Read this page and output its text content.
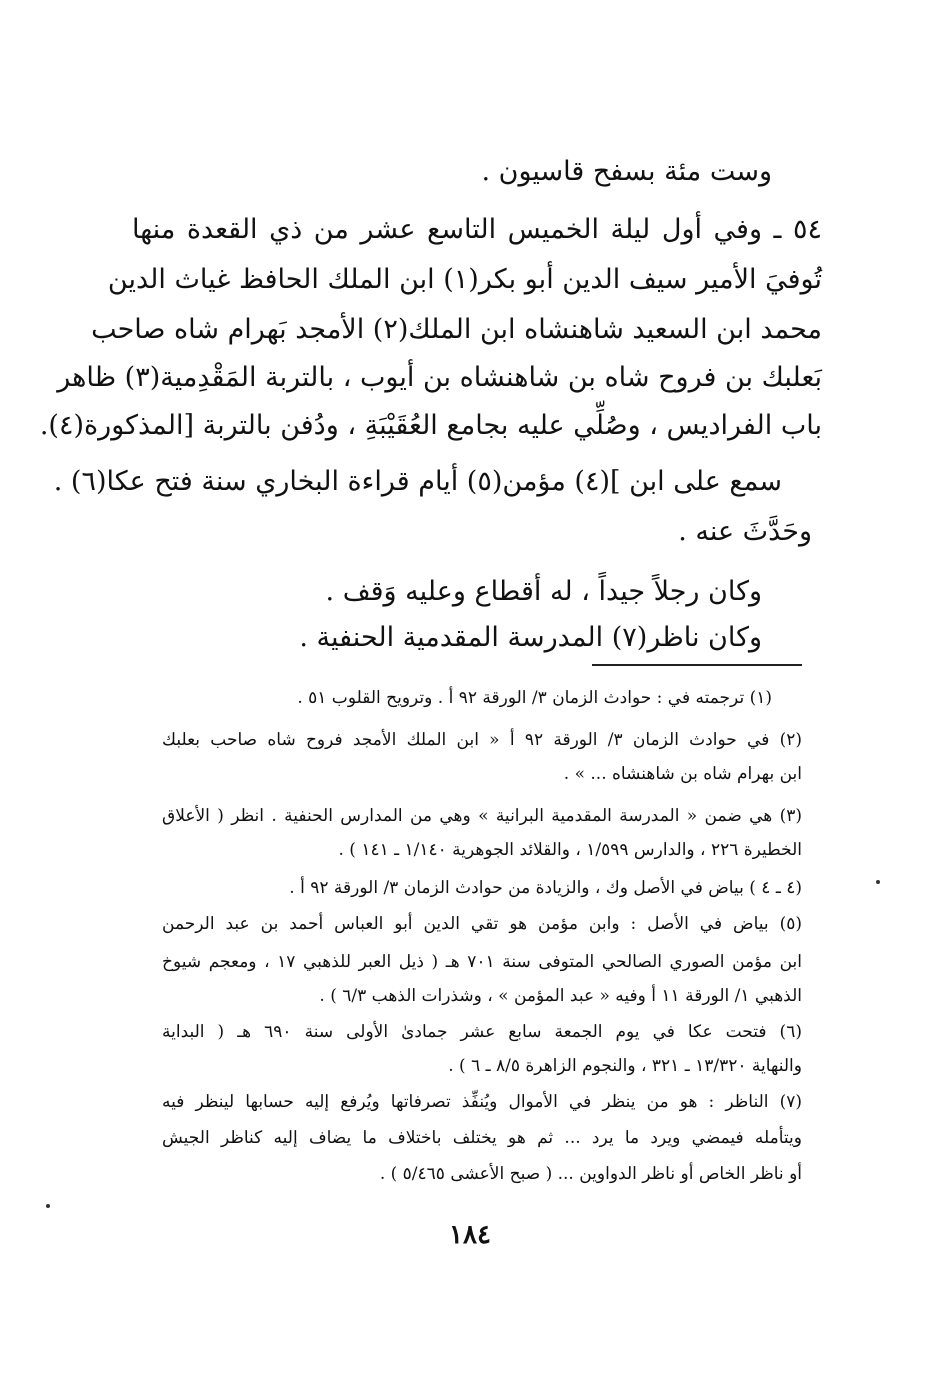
وست مئة بسفح قاسيون .
٥٤ ـ وفي أول ليلة الخميس التاسع عشر من ذي القعدة منها
تُوفيَ الأمير سيف الدين أبو بكر(١) ابن الملك الحافظ غياث الدين
محمد ابن السعيد شاهنشاه ابن الملك(٢) الأمجد بَهرام شاه صاحب
بَعلبك بن فروح شاه بن شاهنشاه بن أيوب ، بالتربة المَقْدِمية(٣) ظاهر
باب الفراديس ، وصُلِّي عليه بجامع العُقَيْبَةِ ، ودُفن بالتربة [المذكورة(٤).
سمع على ابن ](٤) مؤمن(٥) أيام قراءة البخاري سنة فتح عكا(٦) .
وحَدَّثَ عنه .
وكان رجلاً جيداً ، له أقطاع وعليه وَقف .
وكان ناظر(٧) المدرسة المقدمية الحنفية .
(١) ترجمته في : حوادث الزمان ٣/ الورقة ٩٢ أ . وترويح القلوب ٥١ .
(٢) في حوادث الزمان ٣/ الورقة ٩٢ أ « ابن الملك الأمجد فروح شاه صاحب بعلبك
ابن بهرام شاه بن شاهنشاه ... » .
(٣) هي ضمن « المدرسة المقدمية البرانية » وهي من المدارس الحنفية . انظر ( الأعلاق
الخطيرة ٢٢٦ ، والدارس ١/٥٩٩ ، والقلائد الجوهرية ١/١٤٠ ـ ١٤١ ) .
(٤ ـ ٤ ) بياض في الأصل وك ، والزيادة من حوادث الزمان ٣/ الورقة ٩٢ أ .
(٥) بياض في الأصل : وابن مؤمن هو تقي الدين أبو العباس أحمد بن عبد الرحمن
ابن مؤمن الصوري الصالحي المتوفى سنة ٧٠١ هـ ( ذيل العبر للذهبي ١٧ ، ومعجم شيوخ
الذهبي ١/ الورقة ١١ أ وفيه « عبد المؤمن » ، وشذرات الذهب ٦/٣ ) .
(٦) فتحت عكا في يوم الجمعة سابع عشر جمادىٰ الأولى سنة ٦٩٠ هـ ( البداية
والنهاية ١٣/٣٢٠ ـ ٣٢١ ، والنجوم الزاهرة ٨/٥ ـ ٦ ) .
(٧) الناظر : هو من ينظر في الأموال ويُنفِّذ تصرفاتها ويُرفع إليه حسابها لينظر فيه
ويتأمله فيمضي ويرد ما يرد ... ثم هو يختلف باختلاف ما يضاف إليه كناظر الجيش
أو ناظر الخاص أو ناظر الدواوين ... ( صبح الأعشى ٥/٤٦٥ ) .
١٨٤
